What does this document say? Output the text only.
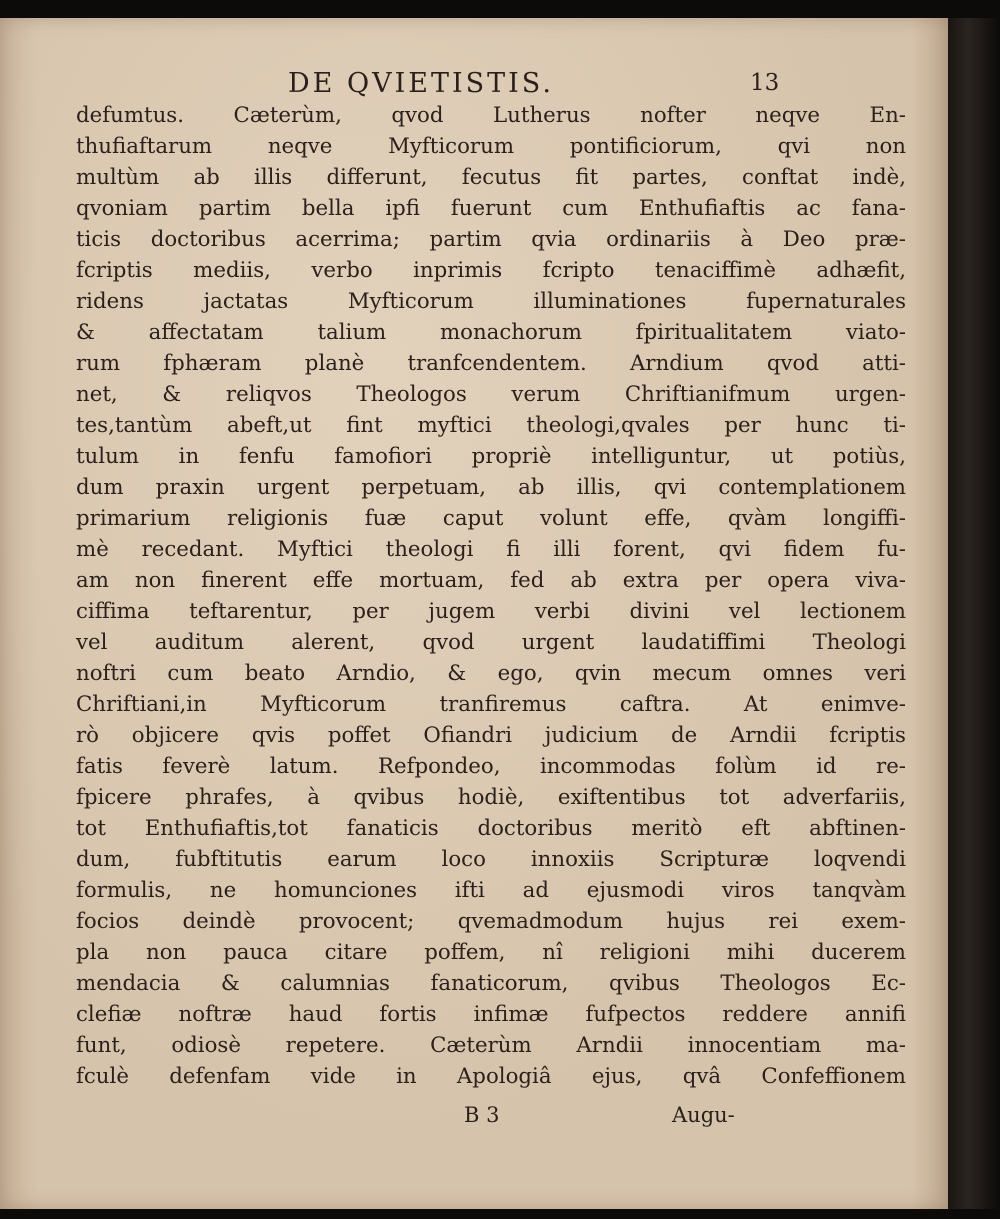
DE QVIETISTIS.	13
defumtus. Cæterùm, qvod Lutherus nofter neqve En-
thufiaftarum neqve Myfticorum pontificiorum, qvi non
multùm ab illis differunt, fecutus fit partes, conftat indè,
qvoniam partim bella ipfi fuerunt cum Enthufiaftis ac fana-
ticis doctoribus acerrima; partim qvia ordinariis à Deo præ-
fcriptis mediis, verbo inprimis fcripto tenaciffimè adhæfit,
ridens jactatas Myfticorum illuminationes fupernaturales
& affectatam talium monachorum fpiritualitatem viato-
rum fphæram planè tranfcendentem. Arndium qvod atti-
net, & reliqvos Theologos verum Chriftianifmum urgen-
tes,tantùm abeft,ut fint myftici theologi,qvales per hunc ti-
tulum in fenfu famofiori propriè intelliguntur, ut potiùs,
dum praxin urgent perpetuam, ab illis, qvi contemplationem
primarium religionis fuæ caput volunt effe, qvàm longiffi-
mè recedant. Myftici theologi fi illi forent, qvi fidem fu-
am non finerent effe mortuam, fed ab extra per opera viva-
ciffima teftarentur, per jugem verbi divini vel lectionem
vel auditum alerent, qvod urgent laudatiffimi Theologi
noftri cum beato Arndio, & ego, qvin mecum omnes veri
Chriftiani,in Myfticorum tranfiremus caftra. At enimve-
rò objicere qvis poffet Ofiandri judicium de Arndii fcriptis
fatis feverè latum. Refpondeo, incommodas folùm id re-
fpicere phrafes, à qvibus hodiè, exiftentibus tot adverfariis,
tot Enthufiaftis,tot fanaticis doctoribus meritò eft abftinen-
dum, fubftitutis earum loco innoxiis Scripturæ loqvendi
formulis, ne homunciones ifti ad ejusmodi viros tanqvàm
focios deindè provocent; qvemadmodum hujus rei exem-
pla non pauca citare poffem, nî religioni mihi ducerem
mendacia & calumnias fanaticorum, qvibus Theologos Ec-
clefiæ noftræ haud fortis infimæ fufpectos reddere annifi
funt, odiosè repetere. Cæterùm Arndii innocentiam ma-
fculè defenfam vide in Apologiâ ejus, qvâ Confeffionem
B 3	Augu-
